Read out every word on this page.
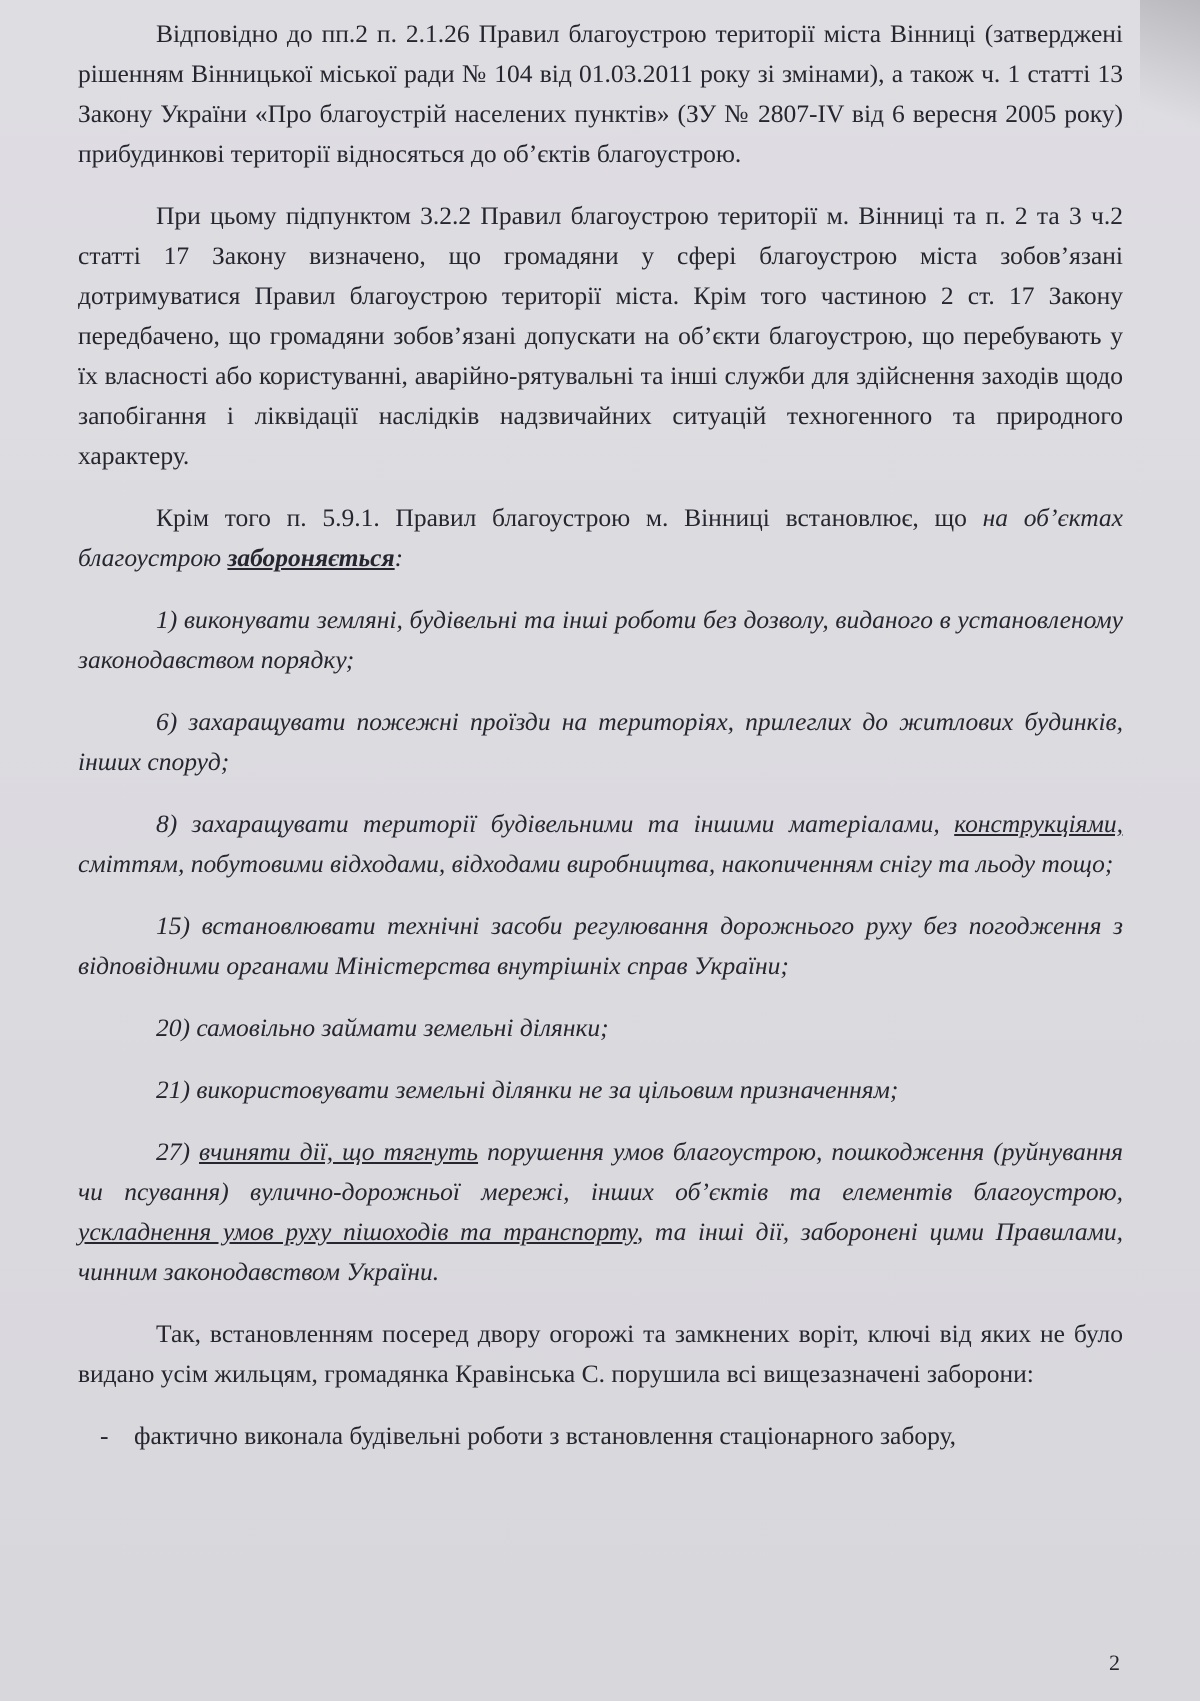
Відповідно до пп.2 п. 2.1.26 Правил благоустрою території міста Вінниці (затверджені рішенням Вінницької міської ради № 104 від 01.03.2011 року зі змінами), а також ч. 1 статті 13 Закону України «Про благоустрій населених пунктів» (ЗУ № 2807-IV від 6 вересня 2005 року) прибудинкові території відносяться до об’єктів благоустрою.

При цьому підпунктом 3.2.2 Правил благоустрою території м. Вінниці та п. 2 та 3 ч.2 статті 17 Закону визначено, що громадяни у сфері благоустрою міста зобов’язані дотримуватися Правил благоустрою території міста. Крім того частиною 2 ст. 17 Закону передбачено, що громадяни зобов’язані допускати на об’єкти благоустрою, що перебувають у їх власності або користуванні, аварійно-рятувальні та інші служби для здійснення заходів щодо запобігання і ліквідації наслідків надзвичайних ситуацій техногенного та природного характеру.

Крім того п. 5.9.1. Правил благоустрою м. Вінниці встановлює, що на об’єктах благоустрою забороняється:

1) виконувати земляні, будівельні та інші роботи без дозволу, виданого в установленому законодавством порядку;

6) захаращувати пожежні проїзди на територіях, прилеглих до житлових будинків, інших споруд;

8) захаращувати території будівельними та іншими матеріалами, конструкціями, сміттям, побутовими відходами, відходами виробництва, накопиченням снігу та льоду тощо;

15) встановлювати технічні засоби регулювання дорожнього руху без погодження з відповідними органами Міністерства внутрішніх справ України;

20) самовільно займати земельні ділянки;

21) використовувати земельні ділянки не за цільовим призначенням;

27) вчиняти дії, що тягнуть порушення умов благоустрою, пошкодження (руйнування чи псування) вулично-дорожньої мережі, інших об’єктів та елементів благоустрою, ускладнення умов руху пішоходів та транспорту, та інші дії, заборонені цими Правилами, чинним законодавством України.

Так, встановленням посеред двору огорожі та замкнених воріт, ключі від яких не було видано усім жильцям, громадянка Кравінська С. порушила всі вищезазначені заборони:

- фактично виконала будівельні роботи з встановлення стаціонарного забору,

2
